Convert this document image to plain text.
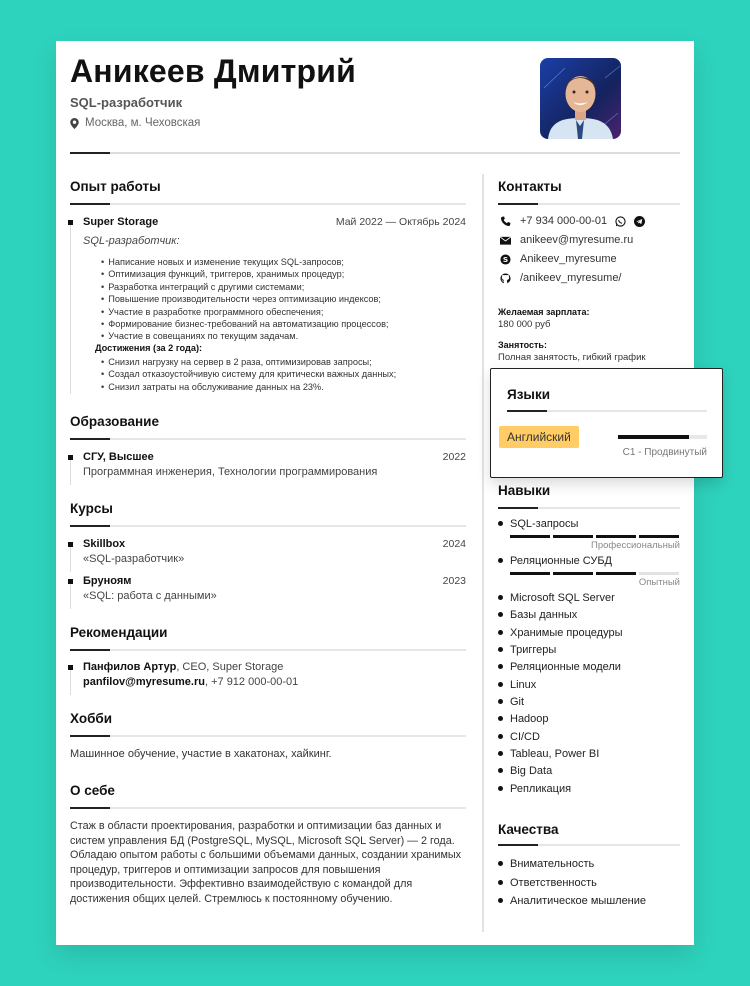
Аникеев Дмитрий
SQL-разработчик
Москва, м. Чеховская
Опыт работы
Super Storage	Май 2022 — Октябрь 2024
SQL-разработчик:
• Написание новых и изменение текущих SQL-запросов;
• Оптимизация функций, триггеров, хранимых процедур;
• Разработка интеграций с другими системами;
• Повышение производительности через оптимизацию индексов;
• Участие в разработке программного обеспечения;
• Формирование бизнес-требований на автоматизацию процессов;
• Участие в совещаниях по текущим задачам.
Достижения (за 2 года):
• Снизил нагрузку на сервер в 2 раза, оптимизировав запросы;
• Создал отказоустойчивую систему для критически важных данных;
• Снизил затраты на обслуживание данных на 23%.
Образование
СГУ, Высшее	2022
Программная инженерия, Технологии программирования
Курсы
Skillbox	2024
«SQL-разработчик»
Бруноям	2023
«SQL: работа с данными»
Рекомендации
Панфилов Артур, CEO, Super Storage
panfilov@myresume.ru, +7 912 000-00-01
Хобби
Машинное обучение, участие в хакатонах, хайкинг.
О себе
Стаж в области проектирования, разработки и оптимизации баз данных и систем управления БД (PostgreSQL, MySQL, Microsoft SQL Server) — 2 года. Обладаю опытом работы с большими объемами данных, создании хранимых процедур, триггеров и оптимизации запросов для повышения производительности. Эффективно взаимодействую с командой для достижения общих целей. Стремлюсь к постоянному обучению.
Контакты
+7 934 000-00-01
anikeev@myresume.ru
S Anikeev_myresume
/anikeev_myresume/
Желаемая зарплата:
180 000 руб
Занятость:
Полная занятость, гибкий график
Навыки
SQL-запросы
Профессиональный
Реляционные СУБД
Опытный
Microsoft SQL Server
Базы данных
Хранимые процедуры
Триггеры
Реляционные модели
Linux
Git
Hadoop
CI/CD
Tableau, Power BI
Big Data
Репликация
Качества
Внимательность
Ответственность
Аналитическое мышление
Языки
Английский
C1 - Продвинутый
